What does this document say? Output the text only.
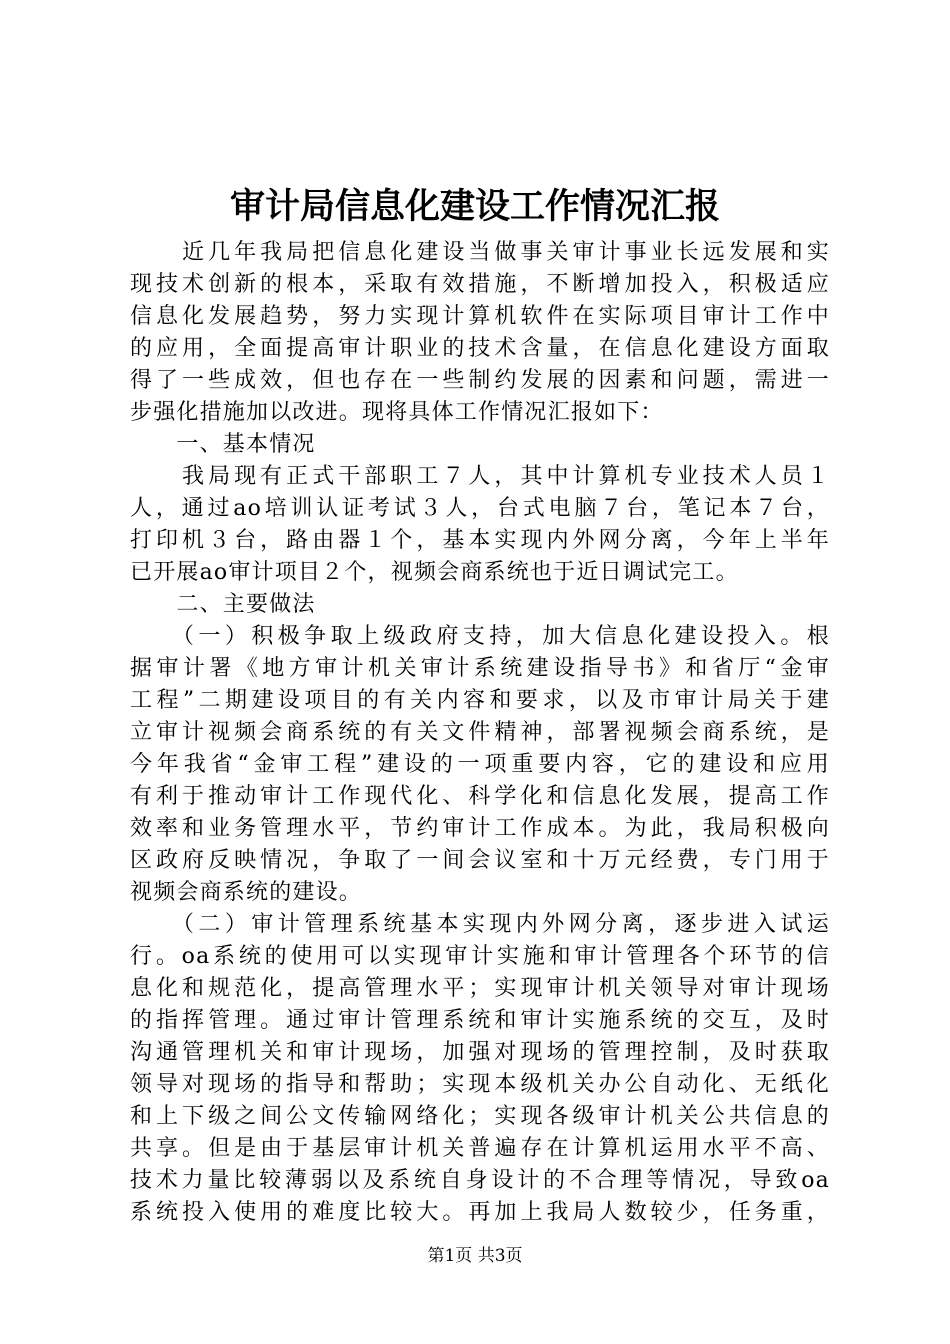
审计局信息化建设工作情况汇报
　　近几年我局把信息化建设当做事关审计事业长远发展和实
现技术创新的根本，采取有效措施，不断增加投入，积极适应
信息化发展趋势，努力实现计算机软件在实际项目审计工作中
的应用，全面提高审计职业的技术含量，在信息化建设方面取
得了一些成效，但也存在一些制约发展的因素和问题，需进一
步强化措施加以改进。现将具体工作情况汇报如下：
　　一、基本情况
　　我局现有正式干部职工７人，其中计算机专业技术人员１
人，通过ao培训认证考试３人，台式电脑７台，笔记本７台，
打印机３台，路由器１个，基本实现内外网分离，今年上半年
已开展ao审计项目２个，视频会商系统也于近日调试完工。
　　二、主要做法
　　（一）积极争取上级政府支持，加大信息化建设投入。根
据审计署《地方审计机关审计系统建设指导书》和省厅“金审
工程”二期建设项目的有关内容和要求，以及市审计局关于建
立审计视频会商系统的有关文件精神，部署视频会商系统，是
今年我省“金审工程”建设的一项重要内容，它的建设和应用
有利于推动审计工作现代化、科学化和信息化发展，提高工作
效率和业务管理水平，节约审计工作成本。为此，我局积极向
区政府反映情况，争取了一间会议室和十万元经费，专门用于
视频会商系统的建设。
　　（二）审计管理系统基本实现内外网分离，逐步进入试运
行。oa系统的使用可以实现审计实施和审计管理各个环节的信
息化和规范化，提高管理水平；实现审计机关领导对审计现场
的指挥管理。通过审计管理系统和审计实施系统的交互，及时
沟通管理机关和审计现场，加强对现场的管理控制，及时获取
领导对现场的指导和帮助；实现本级机关办公自动化、无纸化
和上下级之间公文传输网络化；实现各级审计机关公共信息的
共享。但是由于基层审计机关普遍存在计算机运用水平不高、
技术力量比较薄弱以及系统自身设计的不合理等情况，导致oa
系统投入使用的难度比较大。再加上我局人数较少，任务重，
第1页 共3页
